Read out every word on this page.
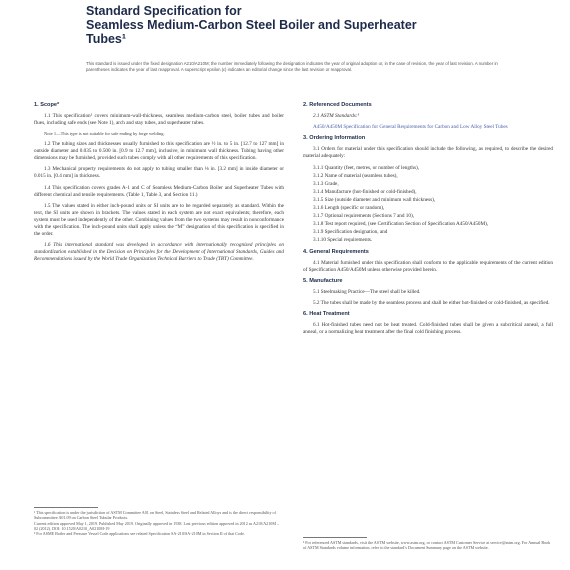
Standard Specification for
Seamless Medium-Carbon Steel Boiler and Superheater
Tubes¹
This standard is issued under the fixed designation A210/A210M; the number immediately following the designation indicates the year of original adoption or, in the case of revision, the year of last revision. A number in parentheses indicates the year of last reapproval. A superscript epsilon (ε) indicates an editorial change since the last revision or reapproval.
1. Scope*
1.1 This specification² covers minimum-wall-thickness, seamless medium-carbon steel, boiler tubes and boiler flues, including safe ends (see Note 1), arch and stay tubes, and superheater tubes.
Note 1—This type is not suitable for safe ending by forge welding.
1.2 The tubing sizes and thicknesses usually furnished to this specification are ½ in. to 5 in. [12.7 to 127 mm] in outside diameter and 0.035 to 0.500 in. [0.9 to 12.7 mm], inclusive, in minimum wall thickness. Tubing having other dimensions may be furnished, provided such tubes comply with all other requirements of this specification.
1.3 Mechanical property requirements do not apply to tubing smaller than ⅛ in. [3.2 mm] in inside diameter or 0.015 in. [0.4 mm] in thickness.
1.4 This specification covers grades A-1 and C of Seamless Medium-Carbon Boiler and Superheater Tubes with different chemical and tensile requirements. (Table 1, Table 3, and Section 11.)
1.5 The values stated in either inch-pound units or SI units are to be regarded separately as standard. Within the text, the SI units are shown in brackets. The values stated in each system are not exact equivalents; therefore, each system must be used independently of the other. Combining values from the two systems may result in nonconformance with the specification. The inch-pound units shall apply unless the “M” designation of this specification is specified in the order.
1.6 This international standard was developed in accordance with internationally recognized principles on standardization established in the Decision on Principles for the Development of International Standards, Guides and Recommendations issued by the World Trade Organization Technical Barriers to Trade (TBT) Committee.
¹ This specification is under the jurisdiction of ASTM Committee A01 on Steel, Stainless Steel and Related Alloys and is the direct responsibility of Subcommittee A01.09 on Carbon Steel Tubular Products.
Current edition approved May 1, 2019. Published May 2019. Originally approved in 1938. Last previous edition approved in 2012 as A210/A210M – 02 (2012). DOI: 10.1520/A0210_A0210M-19
² For ASME Boiler and Pressure Vessel Code applications see related Specification SA-210/SA-210M in Section II of that Code.
2. Referenced Documents
2.1 ASTM Standards:³
A450/A450M Specification for General Requirements for Carbon and Low Alloy Steel Tubes
3. Ordering Information
3.1 Orders for material under this specification should include the following, as required, to describe the desired material adequately:
3.1.1 Quantity (feet, metres, or number of lengths),
3.1.2 Name of material (seamless tubes),
3.1.3 Grade,
3.1.4 Manufacture (hot-finished or cold-finished),
3.1.5 Size (outside diameter and minimum wall thickness),
3.1.6 Length (specific or random),
3.1.7 Optional requirements (Sections 7 and 10),
3.1.8 Test report required, (see Certification Section of Specification A450/A450M),
3.1.9 Specification designation, and
3.1.10 Special requirements.
4. General Requirements
4.1 Material furnished under this specification shall conform to the applicable requirements of the current edition of Specification A450/A450M unless otherwise provided herein.
5. Manufacture
5.1 Steelmaking Practice—The steel shall be killed.
5.2 The tubes shall be made by the seamless process and shall be either hot-finished or cold-finished, as specified.
6. Heat Treatment
6.1 Hot-finished tubes need not be heat treated. Cold-finished tubes shall be given a subcritical anneal, a full anneal, or a normalizing heat treatment after the final cold finishing process.
³ For referenced ASTM standards, visit the ASTM website, www.astm.org, or contact ASTM Customer Service at service@astm.org. For Annual Book of ASTM Standards volume information, refer to the standard’s Document Summary page on the ASTM website.
